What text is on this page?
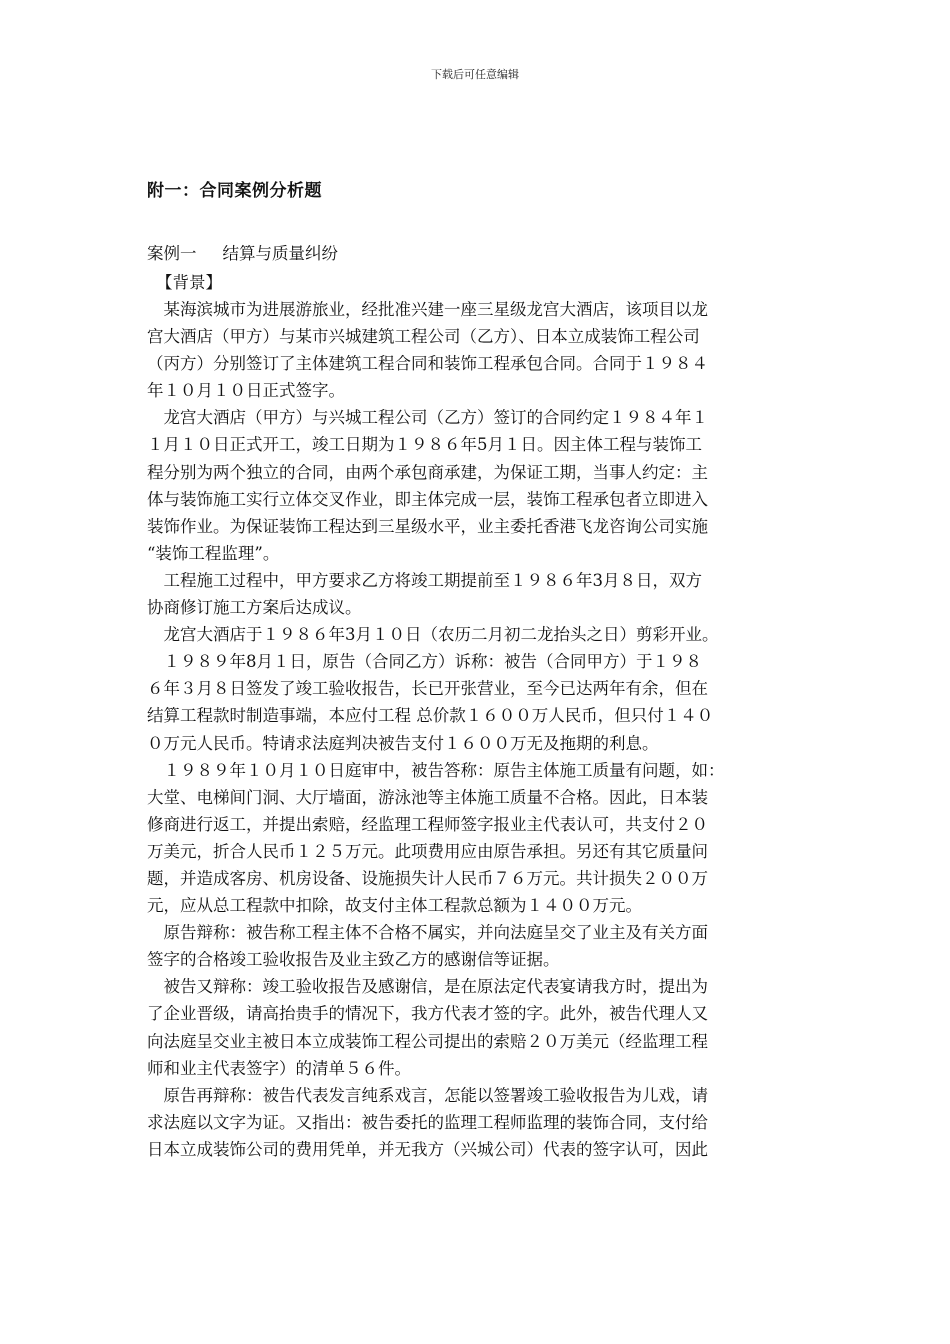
下载后可任意编辑
附一：合同案例分析题
案例一 结算与质量纠纷
【背景】
　某海滨城市为进展游旅业，经批准兴建一座三星级龙宫大酒店，该项目以龙
宫大酒店（甲方）与某市兴城建筑工程公司（乙方）、日本立成装饰工程公司
（丙方）分别签订了主体建筑工程合同和装饰工程承包合同。合同于１９８４
年１０月１０日正式签字。
　龙宫大酒店（甲方）与兴城工程公司（乙方）签订的合同约定１９８４年１
１月１０日正式开工，竣工日期为１９８６年5月１日。因主体工程与装饰工
程分别为两个独立的合同，由两个承包商承建，为保证工期，当事人约定：主
体与装饰施工实行立体交叉作业，即主体完成一层，装饰工程承包者立即进入
装饰作业。为保证装饰工程达到三星级水平，业主委托香港飞龙咨询公司实施
“装饰工程监理”。
　工程施工过程中，甲方要求乙方将竣工期提前至１９８６年3月８日，双方
协商修订施工方案后达成议。
　龙宫大酒店于１９８６年3月１０日（农历二月初二龙抬头之日）剪彩开业。
　１９８９年8月１日，原告（合同乙方）诉称：被告（合同甲方）于１９８
６年３月８日签发了竣工验收报告，长已开张营业，至今已达两年有余，但在
结算工程款时制造事端，本应付工程 总价款１６００万人民币，但只付１４０
０万元人民币。特请求法庭判决被告支付１６００万无及拖期的利息。
　１９８９年１０月１０日庭审中，被告答称：原告主体施工质量有问题，如：
大堂、电梯间门洞、大厅墙面，游泳池等主体施工质量不合格。因此，日本装
修商进行返工，并提出索赔，经监理工程师签字报业主代表认可，共支付２０
万美元，折合人民币１２５万元。此项费用应由原告承担。另还有其它质量问
题，并造成客房、机房设备、设施损失计人民币７６万元。共计损失２００万
元，应从总工程款中扣除，故支付主体工程款总额为１４００万元。
　原告辩称：被告称工程主体不合格不属实，并向法庭呈交了业主及有关方面
签字的合格竣工验收报告及业主致乙方的感谢信等证据。
　被告又辩称：竣工验收报告及感谢信，是在原法定代表宴请我方时，提出为
了企业晋级，请高抬贵手的情况下，我方代表才签的字。此外，被告代理人又
向法庭呈交业主被日本立成装饰工程公司提出的索赔２０万美元（经监理工程
师和业主代表签字）的清单５６件。
　原告再辩称：被告代表发言纯系戏言，怎能以签署竣工验收报告为儿戏，请
求法庭以文字为证。又指出：被告委托的监理工程师监理的装饰合同，支付给
日本立成装饰公司的费用凭单，并无我方（兴城公司）代表的签字认可，因此
